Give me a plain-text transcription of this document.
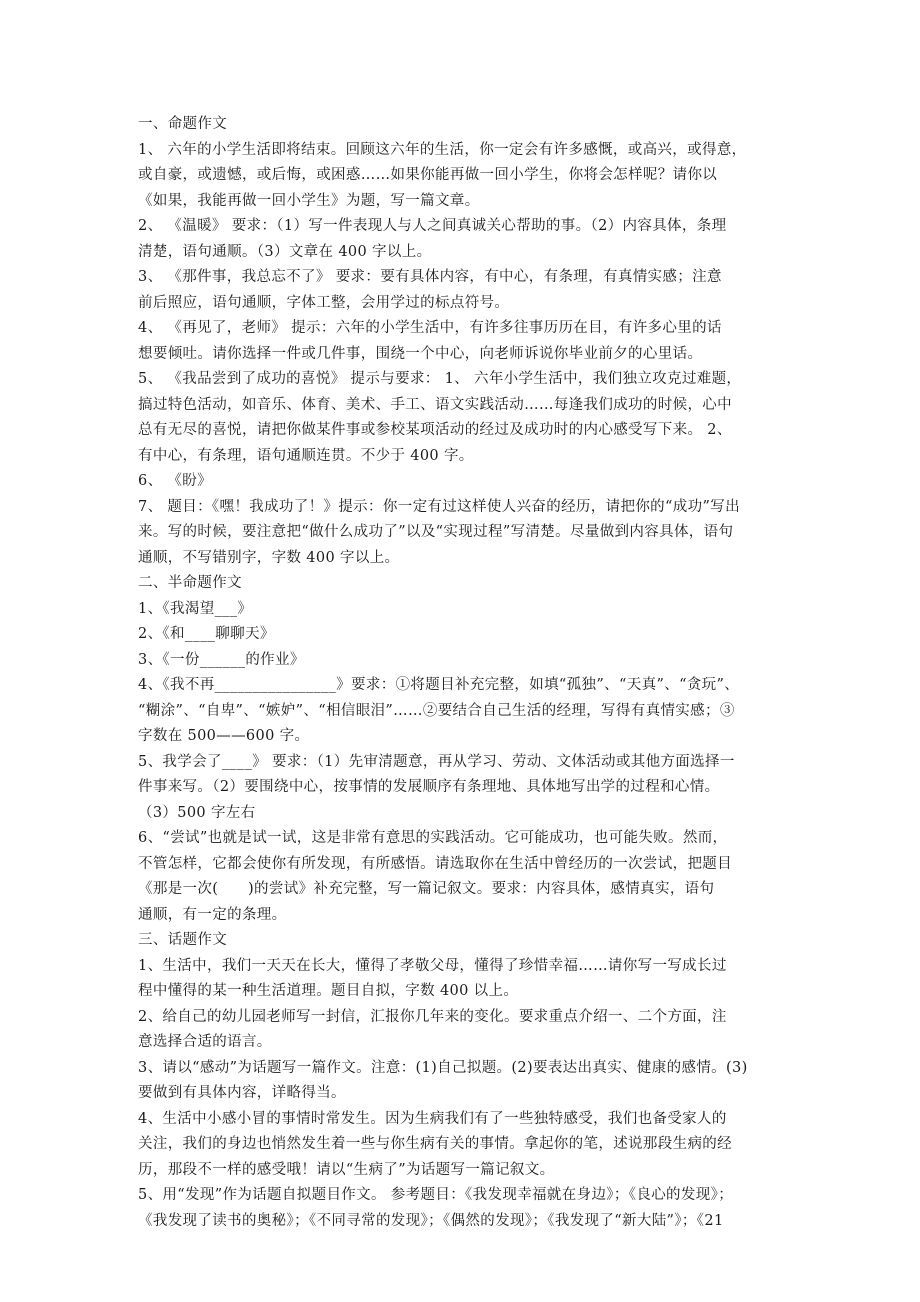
一、命题作文
1、 六年的小学生活即将结束。回顾这六年的生活，你一定会有许多感慨，或高兴，或得意，
或自豪，或遗憾，或后悔，或困惑……如果你能再做一回小学生，你将会怎样呢？请你以
《如果，我能再做一回小学生》为题，写一篇文章。
2、 《温暖》 要求：（1）写一件表现人与人之间真诚关心帮助的事。（2）内容具体，条理
清楚，语句通顺。（3）文章在 400 字以上。
3、 《那件事，我总忘不了》 要求：要有具体内容，有中心，有条理，有真情实感；注意
前后照应，语句通顺，字体工整，会用学过的标点符号。
4、 《再见了，老师》 提示：六年的小学生活中，有许多往事历历在目，有许多心里的话
想要倾吐。请你选择一件或几件事，围绕一个中心，向老师诉说你毕业前夕的心里话。
5、 《我品尝到了成功的喜悦》 提示与要求： 1、 六年小学生活中，我们独立攻克过难题，
搞过特色活动，如音乐、体育、美术、手工、语文实践活动……每逢我们成功的时候，心中
总有无尽的喜悦，请把你做某件事或参校某项活动的经过及成功时的内心感受写下来。 2、
有中心，有条理，语句通顺连贯。不少于 400 字。
6、 《盼》
7、 题目：《嘿！我成功了！》提示：你一定有过这样使人兴奋的经历，请把你的“成功”写出
来。写的时候，要注意把“做什么成功了”以及“实现过程”写清楚。尽量做到内容具体，语句
通顺，不写错别字，字数 400 字以上。
二、半命题作文
1、《我渴望___》
2、《和____聊聊天》
3、《一份______的作业》
4、《我不再________________》要求：①将题目补充完整，如填“孤独”、“天真”、“贪玩”、
“糊涂”、“自卑”、“嫉妒”、“相信眼泪”……②要结合自己生活的经理，写得有真情实感；③
字数在 500——600 字。
5、我学会了____》 要求：（1）先审清题意，再从学习、劳动、文体活动或其他方面选择一
件事来写。（2）要围绕中心，按事情的发展顺序有条理地、具体地写出学的过程和心情。
（3）500 字左右
6、“尝试”也就是试一试，这是非常有意思的实践活动。它可能成功，也可能失败。然而，
不管怎样，它都会使你有所发现，有所感悟。请选取你在生活中曾经历的一次尝试，把题目
《那是一次(      )的尝试》补充完整，写一篇记叙文。要求：内容具体，感情真实，语句
通顺，有一定的条理。
三、话题作文
1、生活中，我们一天天在长大，懂得了孝敬父母，懂得了珍惜幸福……请你写一写成长过
程中懂得的某一种生活道理。题目自拟，字数 400 以上。
2、给自己的幼儿园老师写一封信，汇报你几年来的变化。要求重点介绍一、二个方面，注
意选择合适的语言。
3、请以“感动”为话题写一篇作文。注意：(1)自己拟题。(2)要表达出真实、健康的感情。(3)
要做到有具体内容，详略得当。
4、生活中小感小冒的事情时常发生。因为生病我们有了一些独特感受，我们也备受家人的
关注，我们的身边也悄然发生着一些与你生病有关的事情。拿起你的笔，述说那段生病的经
历，那段不一样的感受哦！请以“生病了”为话题写一篇记叙文。
5、用“发现”作为话题自拟题目作文。 参考题目：《我发现幸福就在身边》；《良心的发现》；
《我发现了读书的奥秘》；《不同寻常的发现》；《偶然的发现》；《我发现了“新大陆”》；《21
